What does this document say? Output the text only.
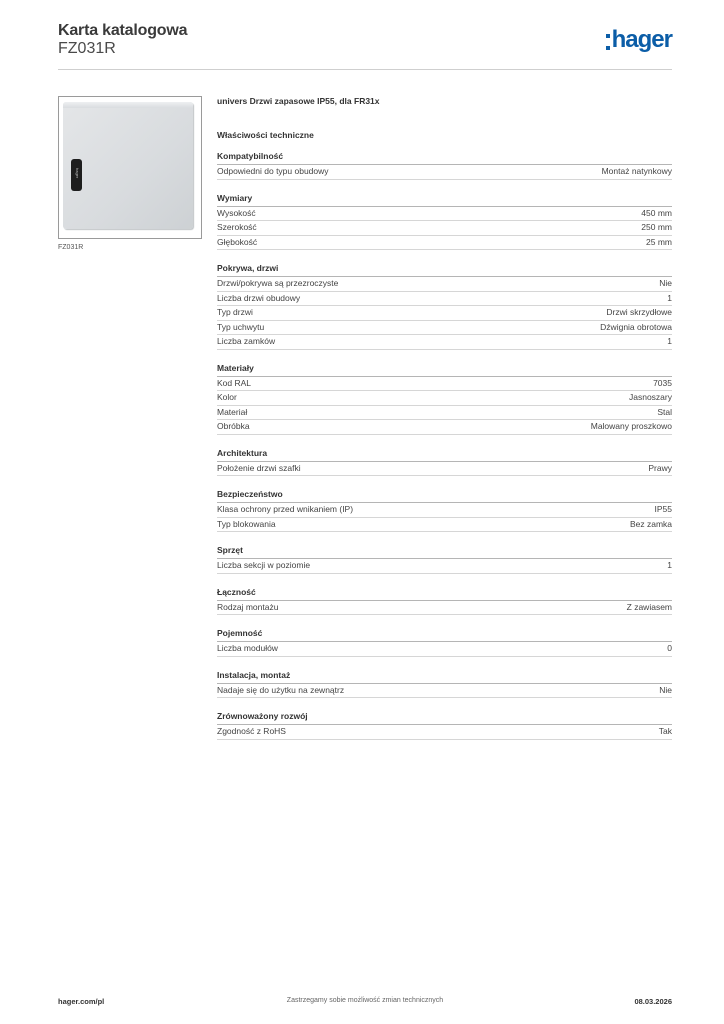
Karta katalogowa
FZ031R	hager
hager
FZ031R
univers Drzwi zapasowe IP55, dla FR31x
Właściwości techniczne
Kompatybilność
Odpowiedni do typu obudowy	Montaż natynkowy
Wymiary
Wysokość	450 mm
Szerokość	250 mm
Głębokość	25 mm
Pokrywa, drzwi
Drzwi/pokrywa są przezroczyste	Nie
Liczba drzwi obudowy	1
Typ drzwi	Drzwi skrzydłowe
Typ uchwytu	Dźwignia obrotowa
Liczba zamków	1
Materiały
Kod RAL	7035
Kolor	Jasnoszary
Materiał	Stal
Obróbka	Malowany proszkowo
Architektura
Położenie drzwi szafki	Prawy
Bezpieczeństwo
Klasa ochrony przed wnikaniem (IP)	IP55
Typ blokowania	Bez zamka
Sprzęt
Liczba sekcji w poziomie	1
Łączność
Rodzaj montażu	Z zawiasem
Pojemność
Liczba modułów	0
Instalacja, montaż
Nadaje się do użytku na zewnątrz	Nie
Zrównoważony rozwój
Zgodność z RoHS	Tak
hager.com/pl	Zastrzegamy sobie możliwość zmian technicznych	08.03.2026
